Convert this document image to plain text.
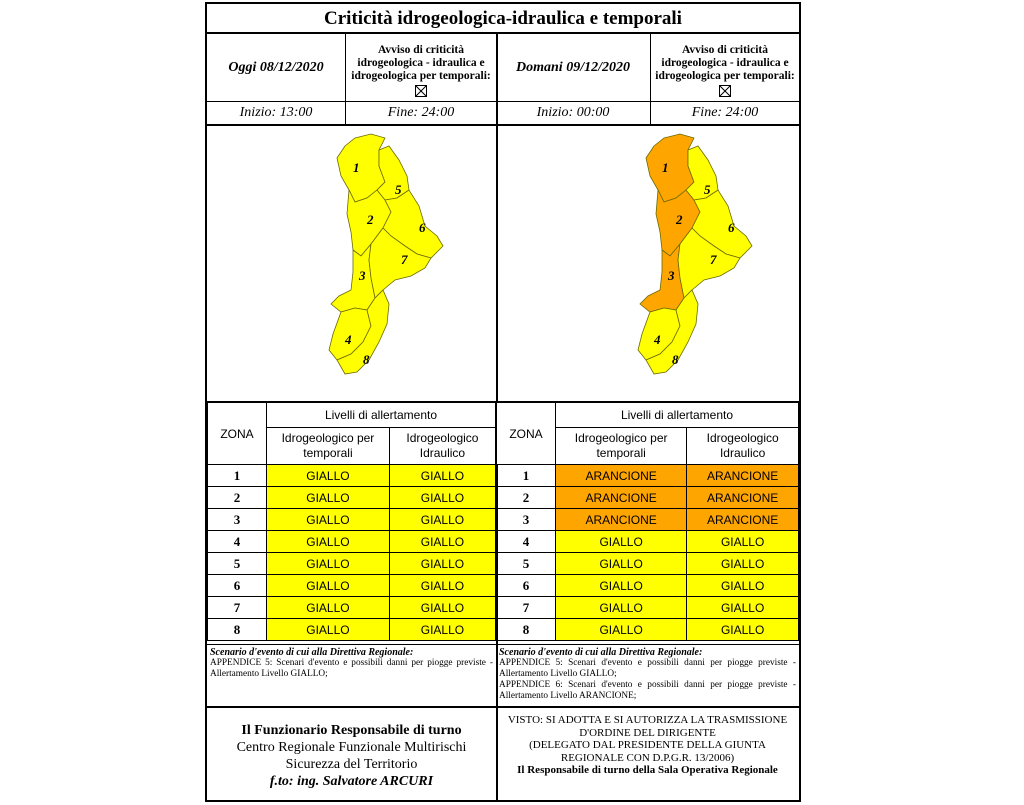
Criticità idrogeologica-idraulica e temporali
Oggi 08/12/2020
Avviso di criticità idrogeologica - idraulica e idrogeologica per temporali:

Inizio: 13:00	Fine: 24:00
1
2
3
4
5
6
7
8
ZONA	Livelli di allertamento	
	Idrogeologico per temporali	Idrogeologico Idraulico
1	GIALLO	GIALLO
2	GIALLO	GIALLO
3	GIALLO	GIALLO
4	GIALLO	GIALLO
5	GIALLO	GIALLO
6	GIALLO	GIALLO
7	GIALLO	GIALLO
8	GIALLO	GIALLO
Scenario d'evento di cui alla Direttiva Regionale:
APPENDICE 5: Scenari d'evento e possibili danni per piogge previste - Allertamento Livello GIALLO;
Il Funzionario Responsabile di turno
Centro Regionale Funzionale Multirischi
Sicurezza del Territorio
f.to: ing. Salvatore ARCURI
Domani 09/12/2020
Avviso di criticità idrogeologica - idraulica e idrogeologica per temporali:

Inizio: 00:00	Fine: 24:00
1
2
3
4
5
6
7
8
ZONA	Livelli di allertamento	
	Idrogeologico per temporali	Idrogeologico Idraulico
1	ARANCIONE	ARANCIONE
2	ARANCIONE	ARANCIONE
3	ARANCIONE	ARANCIONE
4	GIALLO	GIALLO
5	GIALLO	GIALLO
6	GIALLO	GIALLO
7	GIALLO	GIALLO
8	GIALLO	GIALLO
Scenario d'evento di cui alla Direttiva Regionale:
APPENDICE 5: Scenari d'evento e possibili danni per piogge previste - Allertamento Livello GIALLO;
APPENDICE 6: Scenari d'evento e possibili danni per piogge previste - Allertamento Livello ARANCIONE;
VISTO: SI ADOTTA E SI AUTORIZZA LA TRASMISSIONE
D'ORDINE DEL DIRIGENTE
(DELEGATO DAL PRESIDENTE DELLA GIUNTA
REGIONALE CON D.P.G.R. 13/2006)
Il Responsabile di turno della Sala Operativa Regionale
